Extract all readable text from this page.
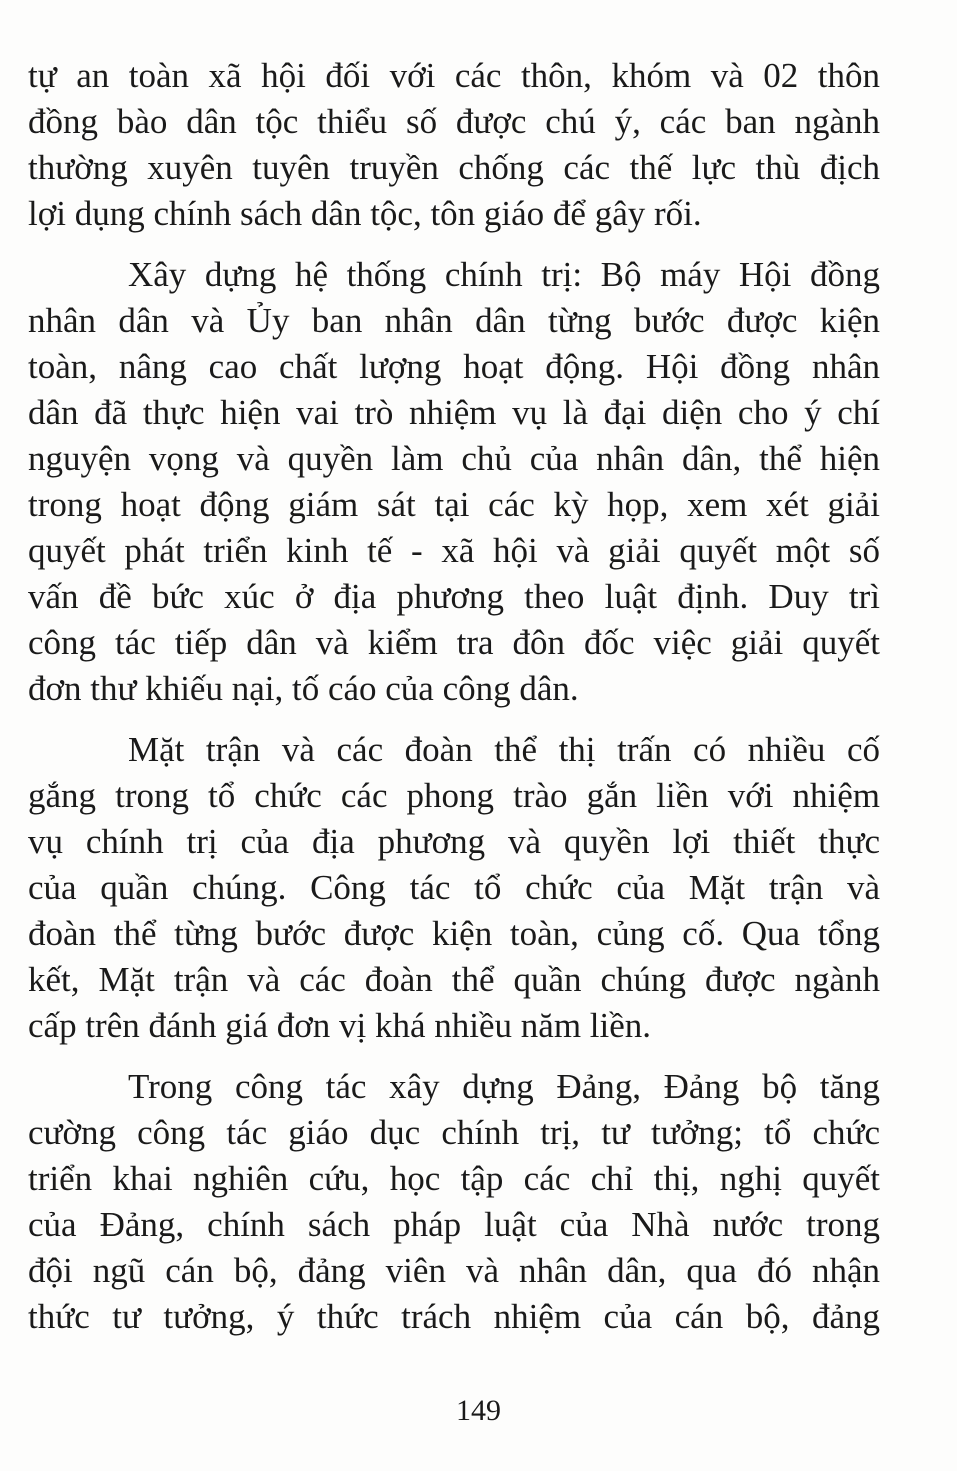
tự an toàn xã hội đối với các thôn, khóm và 02 thôn
đồng bào dân tộc thiểu số được chú ý, các ban ngành
thường xuyên tuyên truyền chống các thế lực thù địch
lợi dụng chính sách dân tộc, tôn giáo để gây rối.
Xây dựng hệ thống chính trị: Bộ máy Hội đồng
nhân dân và Ủy ban nhân dân từng bước được kiện
toàn, nâng cao chất lượng hoạt động. Hội đồng nhân
dân đã thực hiện vai trò nhiệm vụ là đại diện cho ý chí
nguyện vọng và quyền làm chủ của nhân dân, thể hiện
trong hoạt động giám sát tại các kỳ họp, xem xét giải
quyết phát triển kinh tế - xã hội và giải quyết một số
vấn đề bức xúc ở địa phương theo luật định. Duy trì
công tác tiếp dân và kiểm tra đôn đốc việc giải quyết
đơn thư khiếu nại, tố cáo của công dân.
Mặt trận và các đoàn thể thị trấn có nhiều cố
gắng trong tổ chức các phong trào gắn liền với nhiệm
vụ chính trị của địa phương và quyền lợi thiết thực
của quần chúng. Công tác tổ chức của Mặt trận và
đoàn thể từng bước được kiện toàn, củng cố. Qua tổng
kết, Mặt trận và các đoàn thể quần chúng được ngành
cấp trên đánh giá đơn vị khá nhiều năm liền.
Trong công tác xây dựng Đảng, Đảng bộ tăng
cường công tác giáo dục chính trị, tư tưởng; tổ chức
triển khai nghiên cứu, học tập các chỉ thị, nghị quyết
của Đảng, chính sách pháp luật của Nhà nước trong
đội ngũ cán bộ, đảng viên và nhân dân, qua đó nhận
thức tư tưởng, ý thức trách nhiệm của cán bộ, đảng
149
